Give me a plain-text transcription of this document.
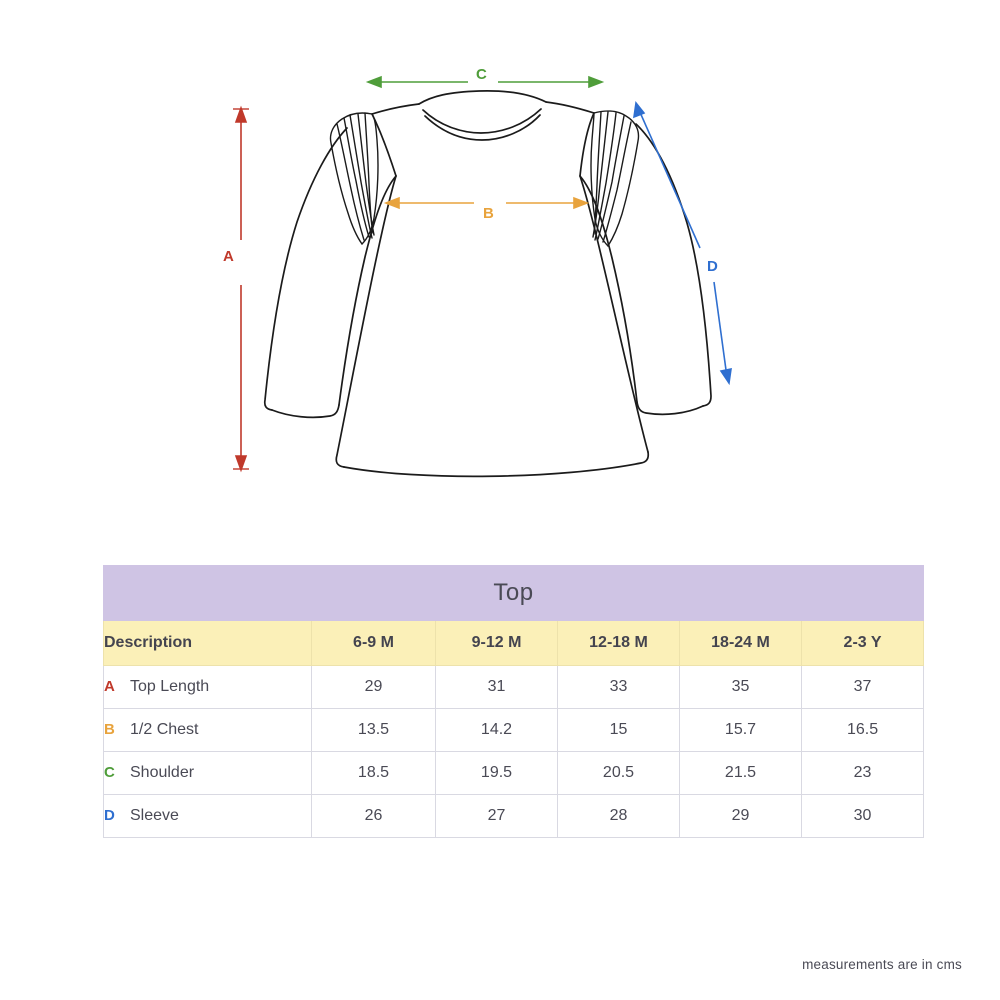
A
B
C
D
Top					
Description	6-9 M	9-12 M	12-18 M	18-24 M	2-3 Y
A Top Length	29	31	33	35	37
B 1/2 Chest	13.5	14.2	15	15.7	16.5
C Shoulder	18.5	19.5	20.5	21.5	23
D Sleeve	26	27	28	29	30
measurements are in cms
